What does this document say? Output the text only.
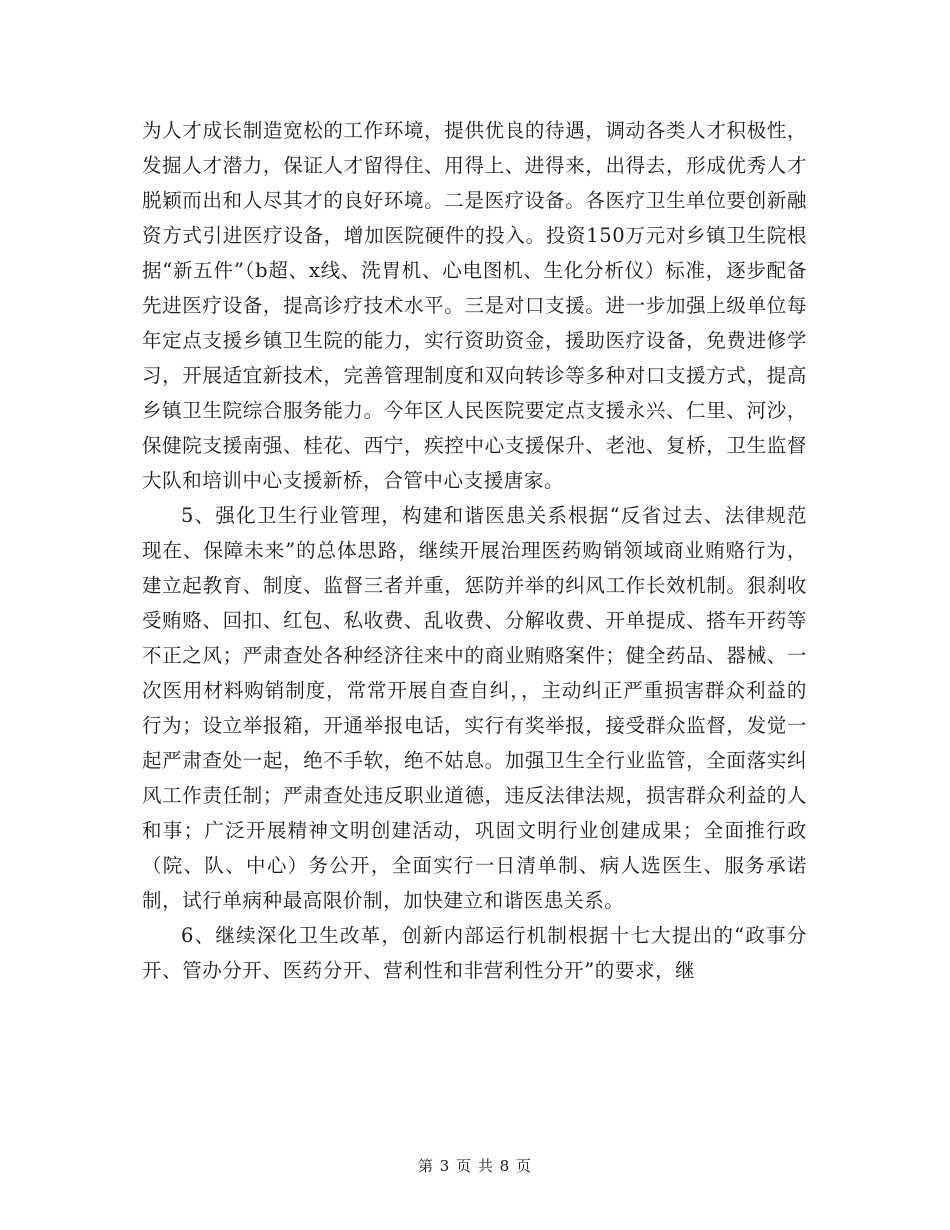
为人才成长制造宽松的工作环境，提供优良的待遇，调动各类人才积极性，发掘人才潜力，保证人才留得住、用得上、进得来，出得去，形成优秀人才脱颖而出和人尽其才的良好环境。二是医疗设备。各医疗卫生单位要创新融资方式引进医疗设备，增加医院硬件的投入。投资150万元对乡镇卫生院根据“新五件”（b超、x线、洗胃机、心电图机、生化分析仪）标准，逐步配备先进医疗设备，提高诊疗技术水平。三是对口支援。进一步加强上级单位每年定点支援乡镇卫生院的能力，实行资助资金，援助医疗设备，免费进修学习，开展适宜新技术，完善管理制度和双向转诊等多种对口支援方式，提高乡镇卫生院综合服务能力。今年区人民医院要定点支援永兴、仁里、河沙，保健院支援南强、桂花、西宁，疾控中心支援保升、老池、复桥，卫生监督大队和培训中心支援新桥，合管中心支援唐家。

5、强化卫生行业管理，构建和谐医患关系根据“反省过去、法律规范现在、保障未来”的总体思路，继续开展治理医药购销领域商业贿赂行为，建立起教育、制度、监督三者并重，惩防并举的纠风工作长效机制。狠刹收受贿赂、回扣、红包、私收费、乱收费、分解收费、开单提成、搭车开药等不正之风；严肃查处各种经济往来中的商业贿赂案件；健全药品、器械、一次医用材料购销制度，常常开展自查自纠，，主动纠正严重损害群众利益的行为；设立举报箱，开通举报电话，实行有奖举报，接受群众监督，发觉一起严肃查处一起，绝不手软，绝不姑息。加强卫生全行业监管，全面落实纠风工作责任制；严肃查处违反职业道德，违反法律法规，损害群众利益的人和事；广泛开展精神文明创建活动，巩固文明行业创建成果；全面推行政（院、队、中心）务公开，全面实行一日清单制、病人选医生、服务承诺制，试行单病种最高限价制，加快建立和谐医患关系。

6、继续深化卫生改革，创新内部运行机制根据十七大提出的“政事分开、管办分开、医药分开、营利性和非营利性分开”的要求，继

第 3 页 共 8 页
